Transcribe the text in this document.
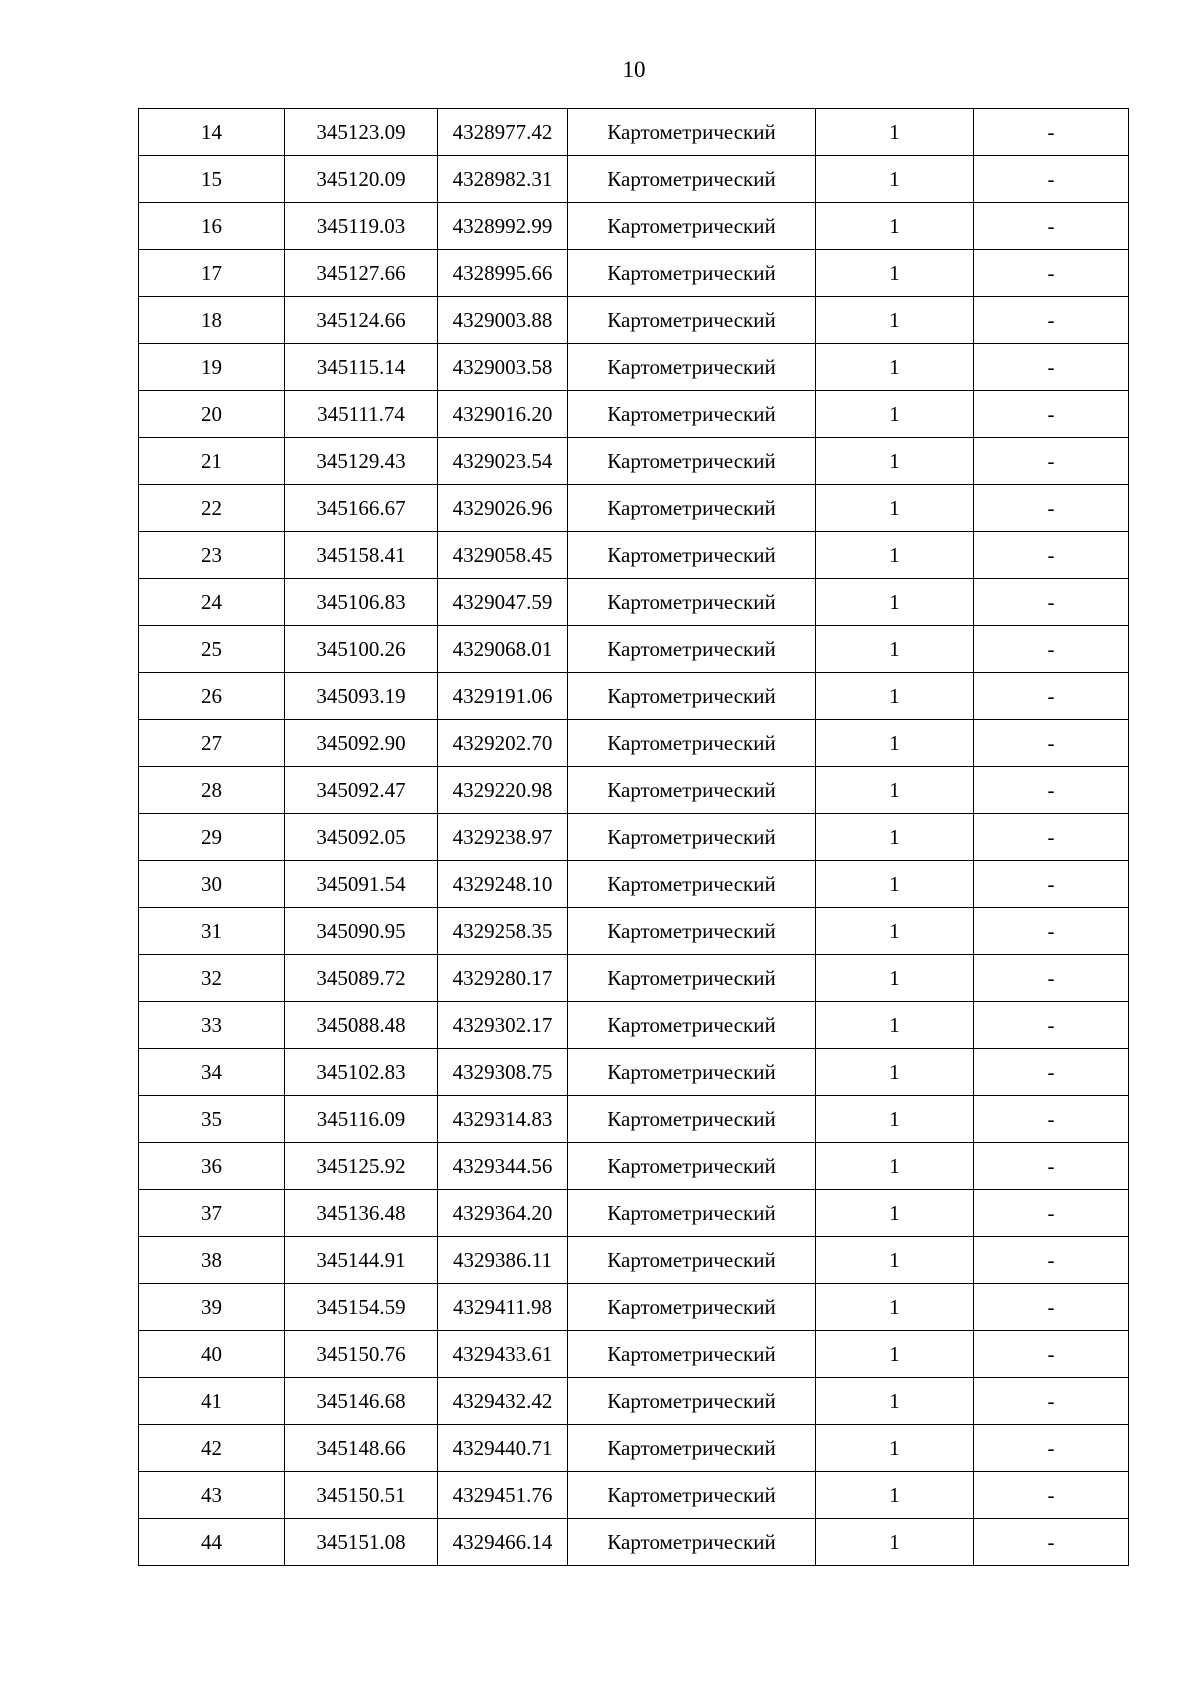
10
14	345123.09	4328977.42	Картометрический	1	-
15	345120.09	4328982.31	Картометрический	1	-
16	345119.03	4328992.99	Картометрический	1	-
17	345127.66	4328995.66	Картометрический	1	-
18	345124.66	4329003.88	Картометрический	1	-
19	345115.14	4329003.58	Картометрический	1	-
20	345111.74	4329016.20	Картометрический	1	-
21	345129.43	4329023.54	Картометрический	1	-
22	345166.67	4329026.96	Картометрический	1	-
23	345158.41	4329058.45	Картометрический	1	-
24	345106.83	4329047.59	Картометрический	1	-
25	345100.26	4329068.01	Картометрический	1	-
26	345093.19	4329191.06	Картометрический	1	-
27	345092.90	4329202.70	Картометрический	1	-
28	345092.47	4329220.98	Картометрический	1	-
29	345092.05	4329238.97	Картометрический	1	-
30	345091.54	4329248.10	Картометрический	1	-
31	345090.95	4329258.35	Картометрический	1	-
32	345089.72	4329280.17	Картометрический	1	-
33	345088.48	4329302.17	Картометрический	1	-
34	345102.83	4329308.75	Картометрический	1	-
35	345116.09	4329314.83	Картометрический	1	-
36	345125.92	4329344.56	Картометрический	1	-
37	345136.48	4329364.20	Картометрический	1	-
38	345144.91	4329386.11	Картометрический	1	-
39	345154.59	4329411.98	Картометрический	1	-
40	345150.76	4329433.61	Картометрический	1	-
41	345146.68	4329432.42	Картометрический	1	-
42	345148.66	4329440.71	Картометрический	1	-
43	345150.51	4329451.76	Картометрический	1	-
44	345151.08	4329466.14	Картометрический	1	-
